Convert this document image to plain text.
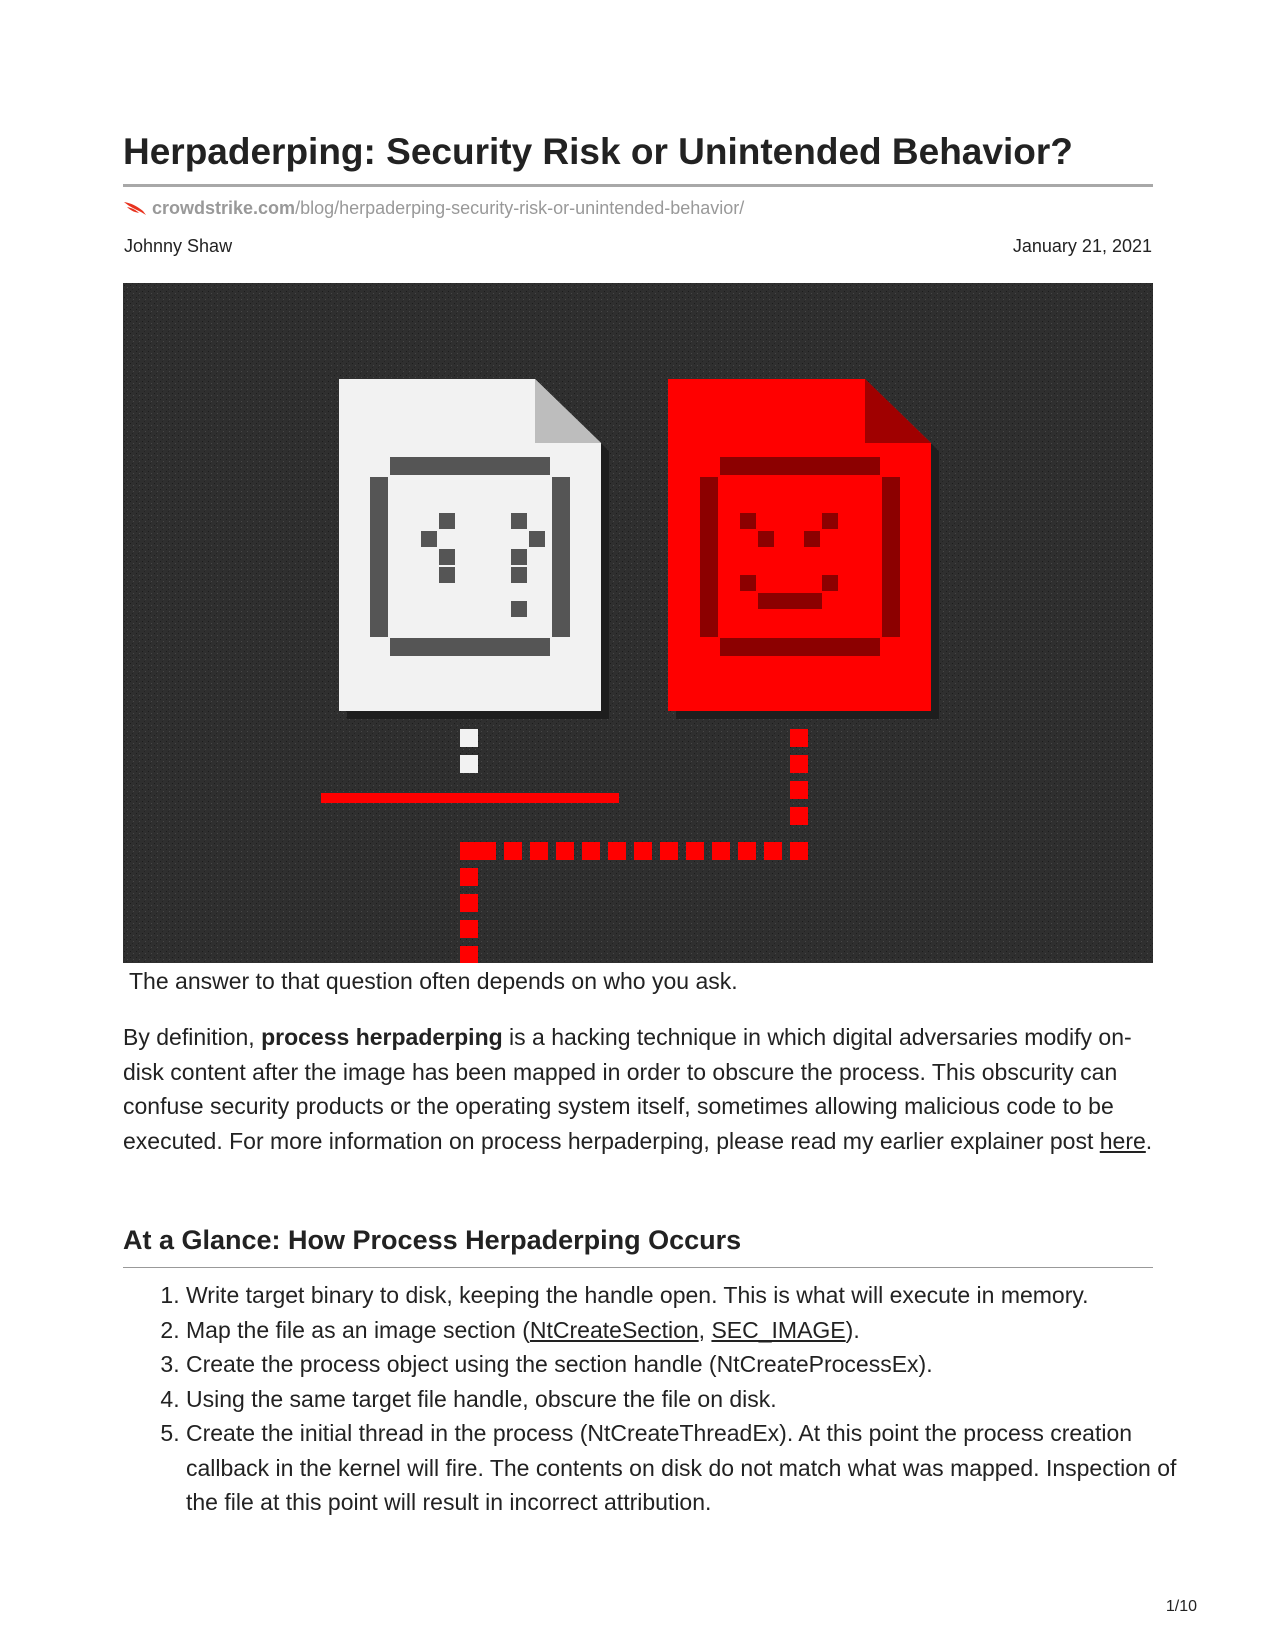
Herpaderping: Security Risk or Unintended Behavior?
crowdstrike.com/blog/herpaderping-security-risk-or-unintended-behavior/
Johnny Shaw	January 21, 2021
The answer to that question often depends on who you ask.

By definition, process herpaderping is a hacking technique in which digital adversaries modify on-disk content after the image has been mapped in order to obscure the process. This obscurity can confuse security products or the operating system itself, sometimes allowing malicious code to be executed. For more information on process herpaderping, please read my earlier explainer post here.

At a Glance: How Process Herpaderping Occurs
1. Write target binary to disk, keeping the handle open. This is what will execute in memory.
2. Map the file as an image section (NtCreateSection, SEC_IMAGE).
3. Create the process object using the section handle (NtCreateProcessEx).
4. Using the same target file handle, obscure the file on disk.
5. Create the initial thread in the process (NtCreateThreadEx). At this point the process creation callback in the kernel will fire. The contents on disk do not match what was mapped. Inspection of the file at this point will result in incorrect attribution.
1/10
